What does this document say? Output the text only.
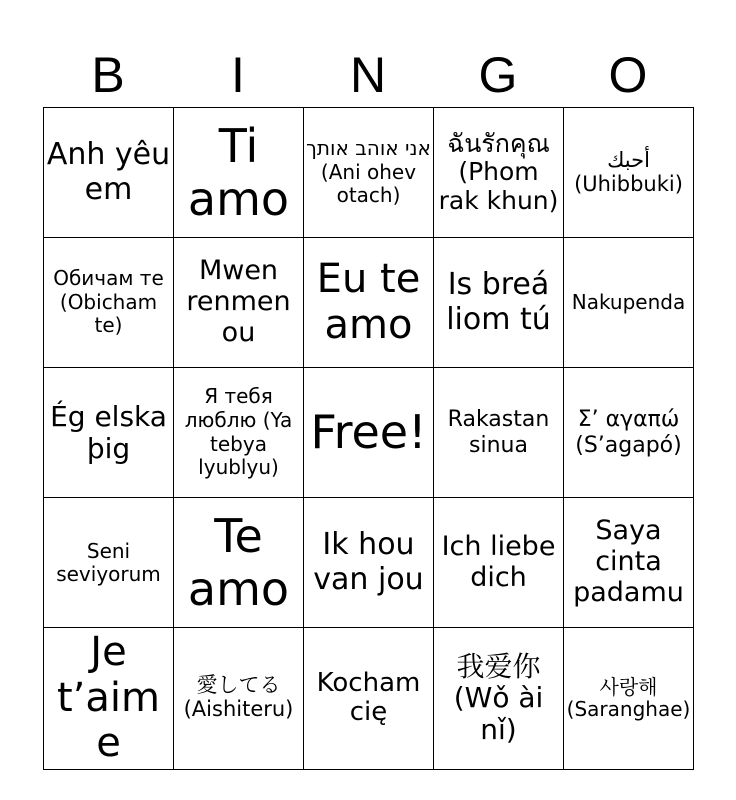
B	I	N	G	O
Anh yêu em	Ti amo	אני אוהב אותך (Ani ohev otach)	ฉันรักคุณ (Phom rak khun)	أحبك (Uhibbuki)

Обичам те (Obicham te)	Mwen renmen ou	Eu te amo	Is breá liom tú	Nakupenda

Ég elska þig	Я тебя люблю (Ya tebya lyublyu)	Free!	Rakastan sinua	Σ’ αγαπώ (S’agapó)

Seni seviyorum	Te amo	Ik hou van jou	Ich liebe dich	Saya cinta padamu

Je t’aime	愛してる (Aishiteru)	Kocham cię	我爱你 (Wǒ ài nǐ)	사랑해 (Saranghae)
